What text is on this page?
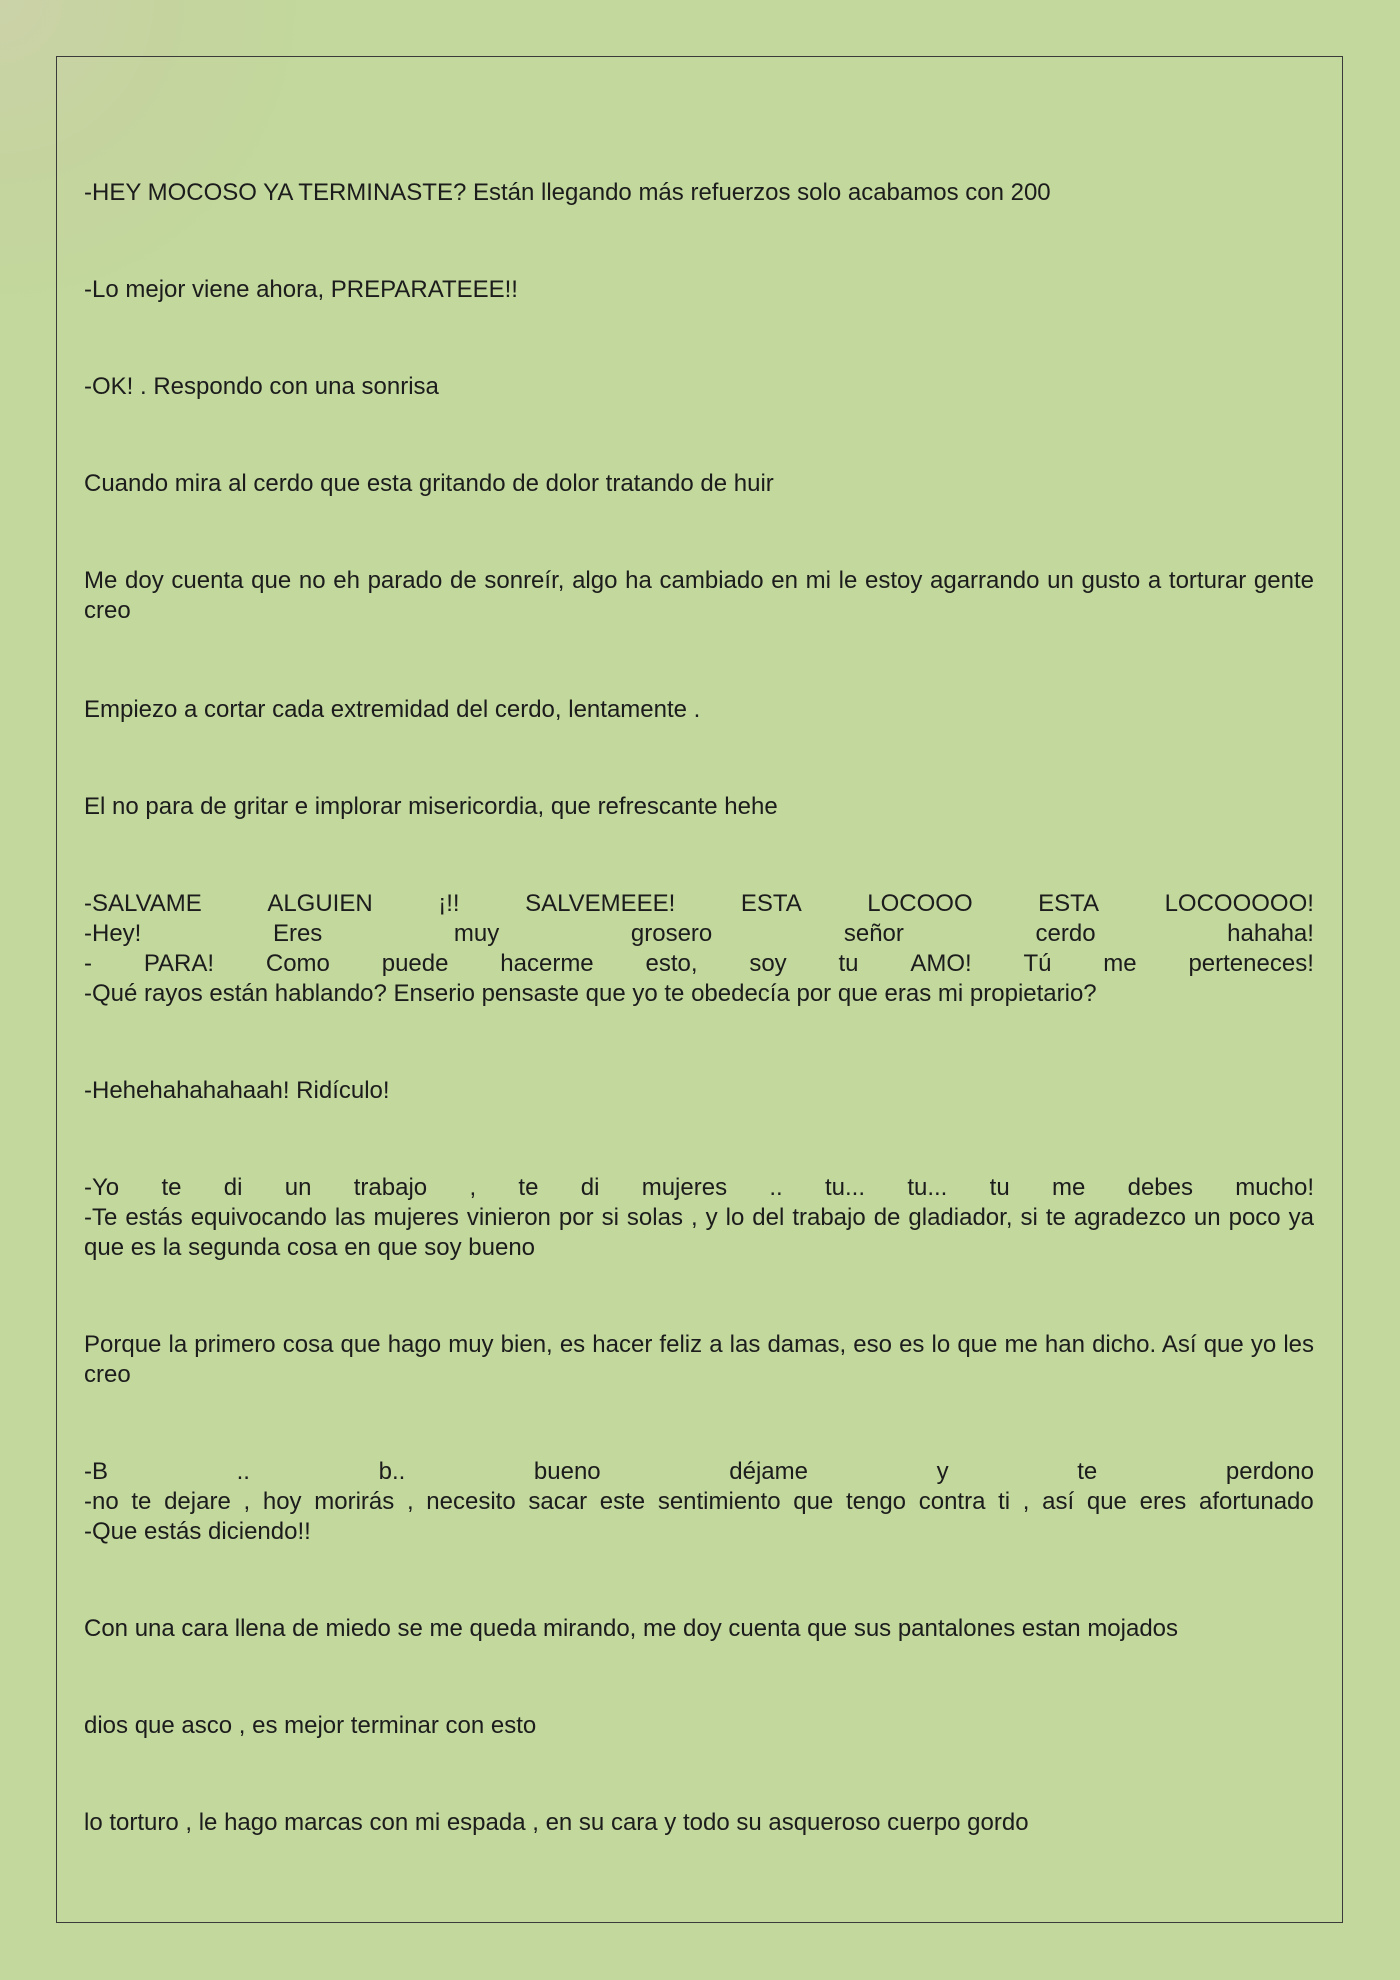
-HEY MOCOSO YA TERMINASTE? Están llegando más refuerzos solo acabamos con 200

-Lo mejor viene ahora, PREPARATEEE!!

-OK! . Respondo con una sonrisa

Cuando mira al cerdo que esta gritando de dolor tratando de huir

Me doy cuenta que no eh parado de sonreír, algo ha cambiado en mi le estoy agarrando un gusto a torturar gente creo

Empiezo a cortar cada extremidad del cerdo, lentamente .

El no para de gritar e implorar misericordia, que refrescante hehe

-SALVAME	ALGUIEN	¡!!	SALVEMEEE!	ESTA	LOCOOO	ESTA	LOCOOOOO!
-Hey!	Eres	muy	grosero	señor	cerdo	hahaha!
- PARA! Como puede hacerme esto, soy tu AMO! Tú me perteneces!
-Qué rayos están hablando? Enserio pensaste que yo te obedecía por que eras mi propietario?

-Hehehahahahaah! Ridículo!

-Yo te di un trabajo , te di mujeres .. tu... tu... tu me debes mucho!
-Te estás equivocando las mujeres vinieron por si solas , y lo del trabajo de gladiador, si te agradezco un poco ya que es la segunda cosa en que soy bueno

Porque la primero cosa que hago muy bien, es hacer feliz a las damas, eso es lo que me han dicho. Así que yo les creo

-B	..	b..	bueno	déjame	y	te	perdono
-no te dejare , hoy morirás , necesito sacar este sentimiento que tengo contra ti , así que eres afortunado
-Que estás diciendo!!

Con una cara llena de miedo se me queda mirando, me doy cuenta que sus pantalones estan mojados

dios que asco , es mejor terminar con esto

lo torturo , le hago marcas con mi espada , en su cara y todo su asqueroso cuerpo gordo
